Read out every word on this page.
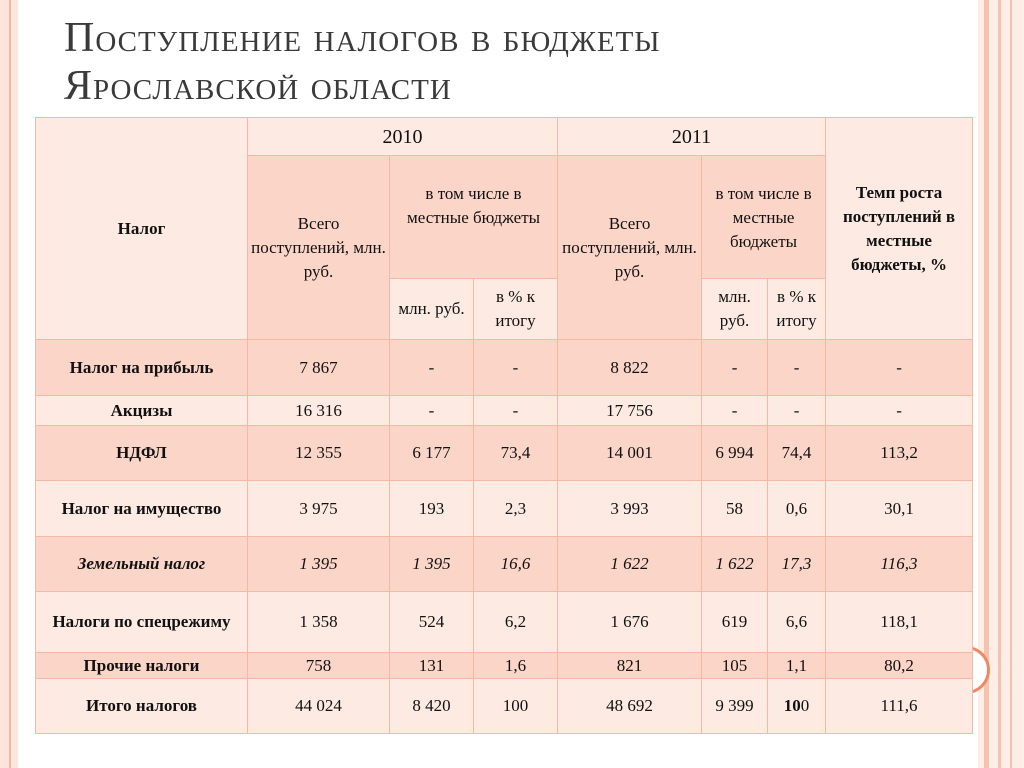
Поступление налогов в бюджеты
Ярославской области
Налог	2010			2011			Темп роста поступлений в местные бюджеты, %
	Всего поступлений, млн. руб.	в том числе в местные бюджеты		Всего поступлений, млн. руб.	в том числе в местные бюджеты		
		млн. руб.	в % к итогу		млн. руб.	в % к итогу	
Налог на прибыль	7 867	-	-	8 822	-	-	-
Акцизы	16 316	-	-	17 756	-	-	-
НДФЛ	12 355	6 177	73,4	14 001	6 994	74,4	113,2
Налог на имущество	3 975	193	2,3	3 993	58	0,6	30,1
Земельный налог	1 395	1 395	16,6	1 622	1 622	17,3	116,3
Налоги по спецрежиму	1 358	524	6,2	1 676	619	6,6	118,1
Прочие налоги	758	131	1,6	821	105	1,1	80,2
Итого налогов	44 024	8 420	100	48 692	9 399	100	111,6
